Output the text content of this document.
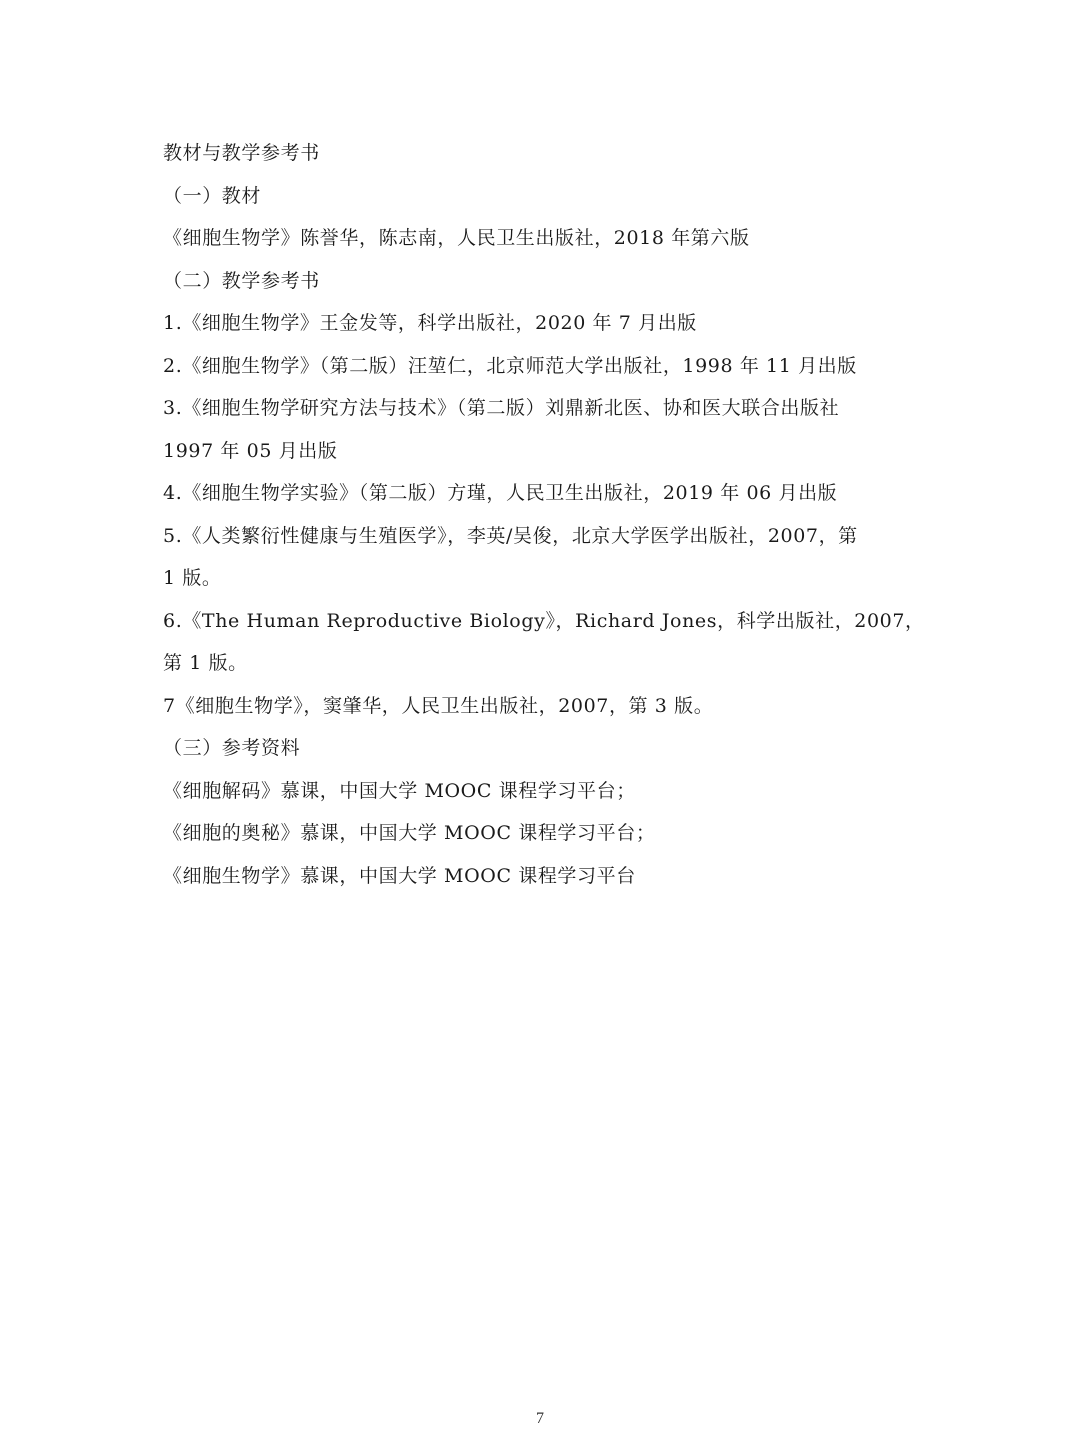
教材与教学参考书
（一）教材
《细胞生物学》陈誉华，陈志南，人民卫生出版社，2018 年第六版
（二）教学参考书
1.《细胞生物学》王金发等，科学出版社，2020 年 7 月出版
2.《细胞生物学》（第二版）汪堃仁，北京师范大学出版社，1998 年 11 月出版
3.《细胞生物学研究方法与技术》（第二版）刘鼎新北医、协和医大联合出版社
1997 年 05 月出版
4.《细胞生物学实验》（第二版）方瑾，人民卫生出版社，2019 年 06 月出版
5.《人类繁衍性健康与生殖医学》，李英/吴俊，北京大学医学出版社，2007，第
1 版。
6.《The Human Reproductive Biology》，Richard Jones，科学出版社，2007，
第 1 版。
7《细胞生物学》，窦肇华，人民卫生出版社，2007，第 3 版。
（三）参考资料
《细胞解码》慕课，中国大学 MOOC 课程学习平台；
《细胞的奥秘》慕课，中国大学 MOOC 课程学习平台；
《细胞生物学》慕课，中国大学 MOOC 课程学习平台
7
